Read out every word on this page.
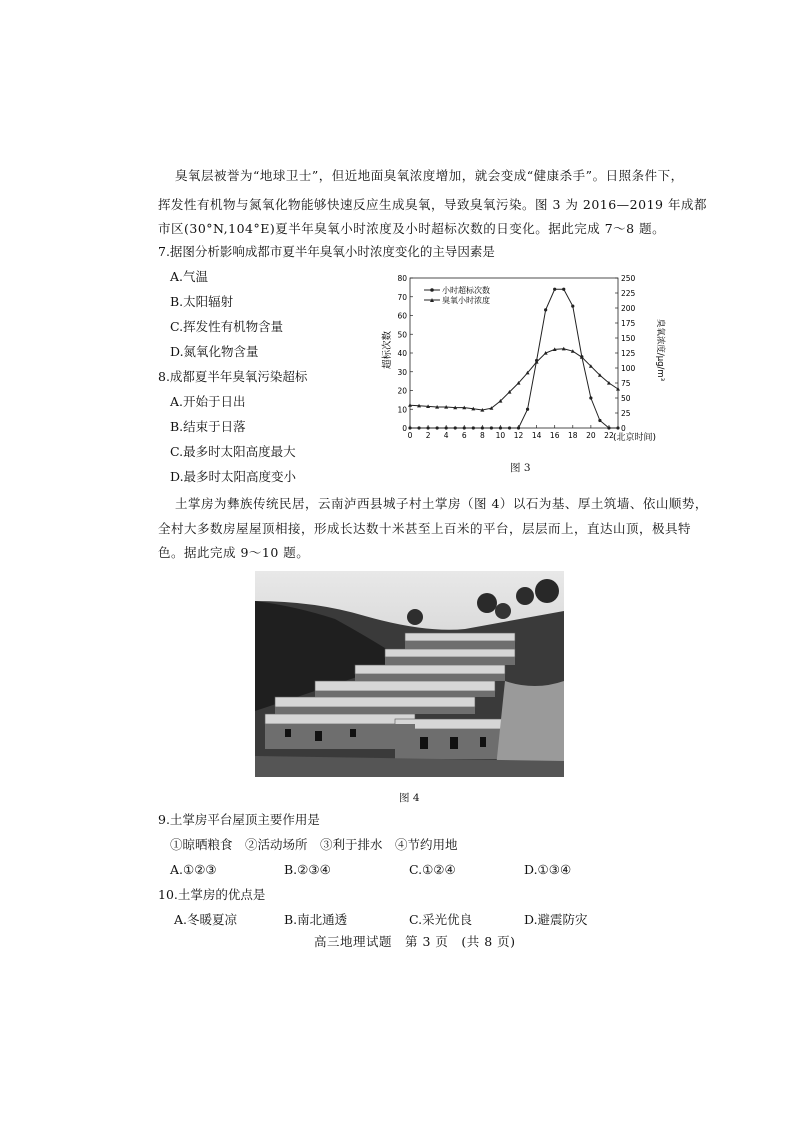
臭氧层被誉为“地球卫士”，但近地面臭氧浓度增加，就会变成“健康杀手”。日照条件下，
挥发性有机物与氮氧化物能够快速反应生成臭氧，导致臭氧污染。图 3 为 2016—2019 年成都
市区(30°N,104°E)夏半年臭氧小时浓度及小时超标次数的日变化。据此完成 7～8 题。
7.据图分析影响成都市夏半年臭氧小时浓度变化的主导因素是
A.气温
B.太阳辐射
C.挥发性有机物含量
D.氮氧化物含量
8.成都夏半年臭氧污染超标
A.开始于日出
B.结束于日落
C.最多时太阳高度最大
D.最多时太阳高度变小
0
10
20
30
40
50
60
70
80
0
25
50
75
100
125
150
175
200
225
250
0 2 4 6 8 10 12 14 16 18 20 22
超标次数	臭氧浓度/μg/m³
(北京时间)
小时超标次数
臭氧小时浓度
图 3
土掌房为彝族传统民居，云南泸西县城子村土掌房（图 4）以石为基、厚土筑墙、依山顺势，
全村大多数房屋屋顶相接，形成长达数十米甚至上百米的平台，层层而上，直达山顶，极具特
色。据此完成 9～10 题。
图 4
9.土掌房平台屋顶主要作用是
①晾晒粮食　②活动场所　③利于排水　④节约用地
A.①②③	B.②③④	C.①②④	D.①③④
10.土掌房的优点是
A.冬暖夏凉	B.南北通透	C.采光优良	D.避震防灾
高三地理试题　第 3 页　(共 8 页)
